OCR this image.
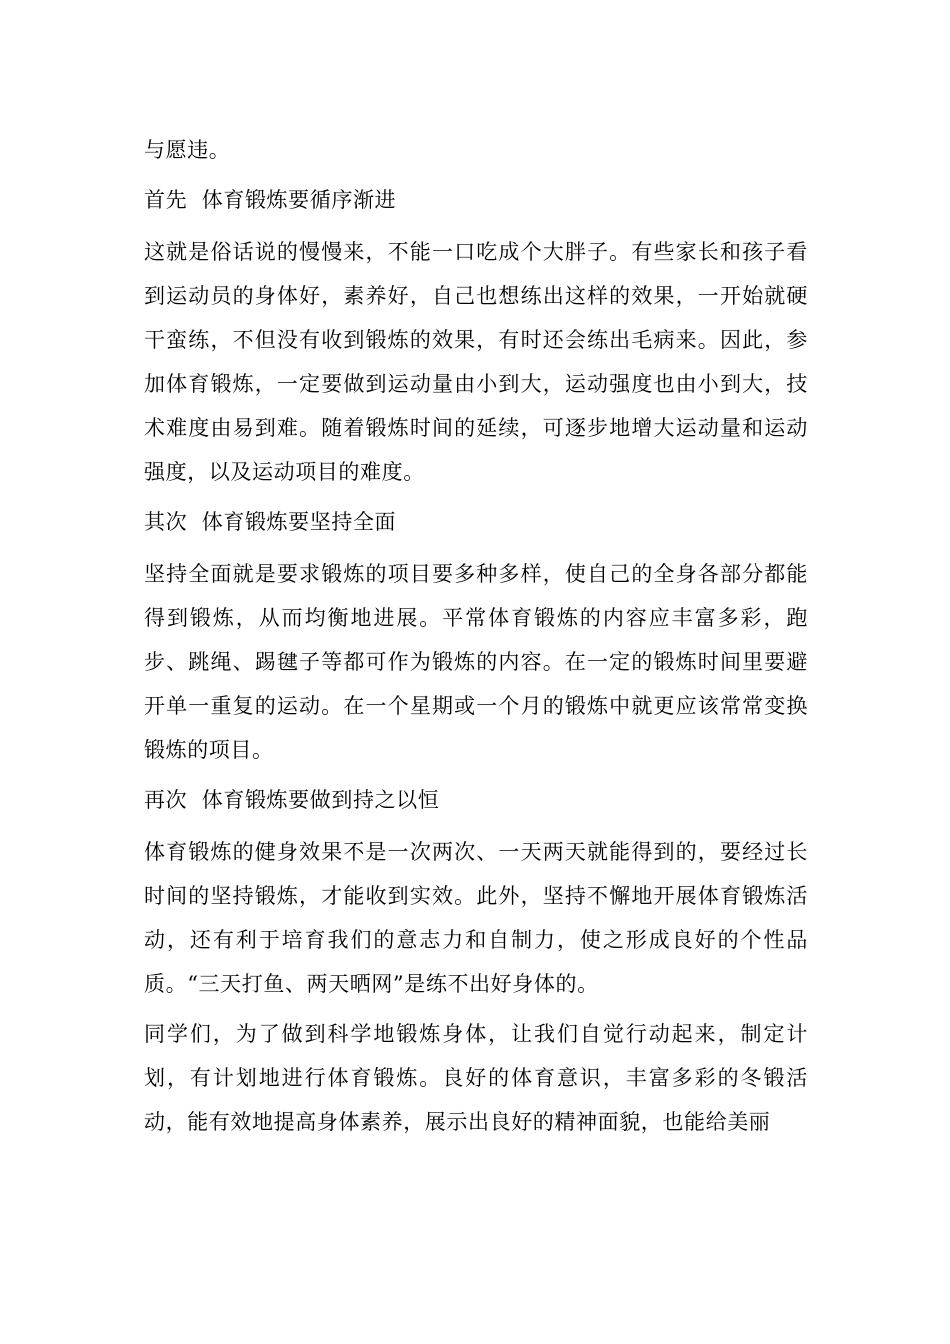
与愿违。

首先  体育锻炼要循序渐进

这就是俗话说的慢慢来，不能一口吃成个大胖子。有些家长和孩子看到运动员的身体好，素养好，自己也想练出这样的效果，一开始就硬干蛮练，不但没有收到锻炼的效果，有时还会练出毛病来。因此，参加体育锻炼，一定要做到运动量由小到大，运动强度也由小到大，技术难度由易到难。随着锻炼时间的延续，可逐步地增大运动量和运动强度，以及运动项目的难度。

其次  体育锻炼要坚持全面

坚持全面就是要求锻炼的项目要多种多样，使自己的全身各部分都能得到锻炼，从而均衡地进展。平常体育锻炼的内容应丰富多彩，跑步、跳绳、踢毽子等都可作为锻炼的内容。在一定的锻炼时间里要避开单一重复的运动。在一个星期或一个月的锻炼中就更应该常常变换锻炼的项目。

再次  体育锻炼要做到持之以恒

体育锻炼的健身效果不是一次两次、一天两天就能得到的，要经过长时间的坚持锻炼，才能收到实效。此外，坚持不懈地开展体育锻炼活动，还有利于培育我们的意志力和自制力，使之形成良好的个性品质。“三天打鱼、两天晒网”是练不出好身体的。

同学们，为了做到科学地锻炼身体，让我们自觉行动起来，制定计划，有计划地进行体育锻炼。良好的体育意识，丰富多彩的冬锻活动，能有效地提高身体素养，展示出良好的精神面貌，也能给美丽
